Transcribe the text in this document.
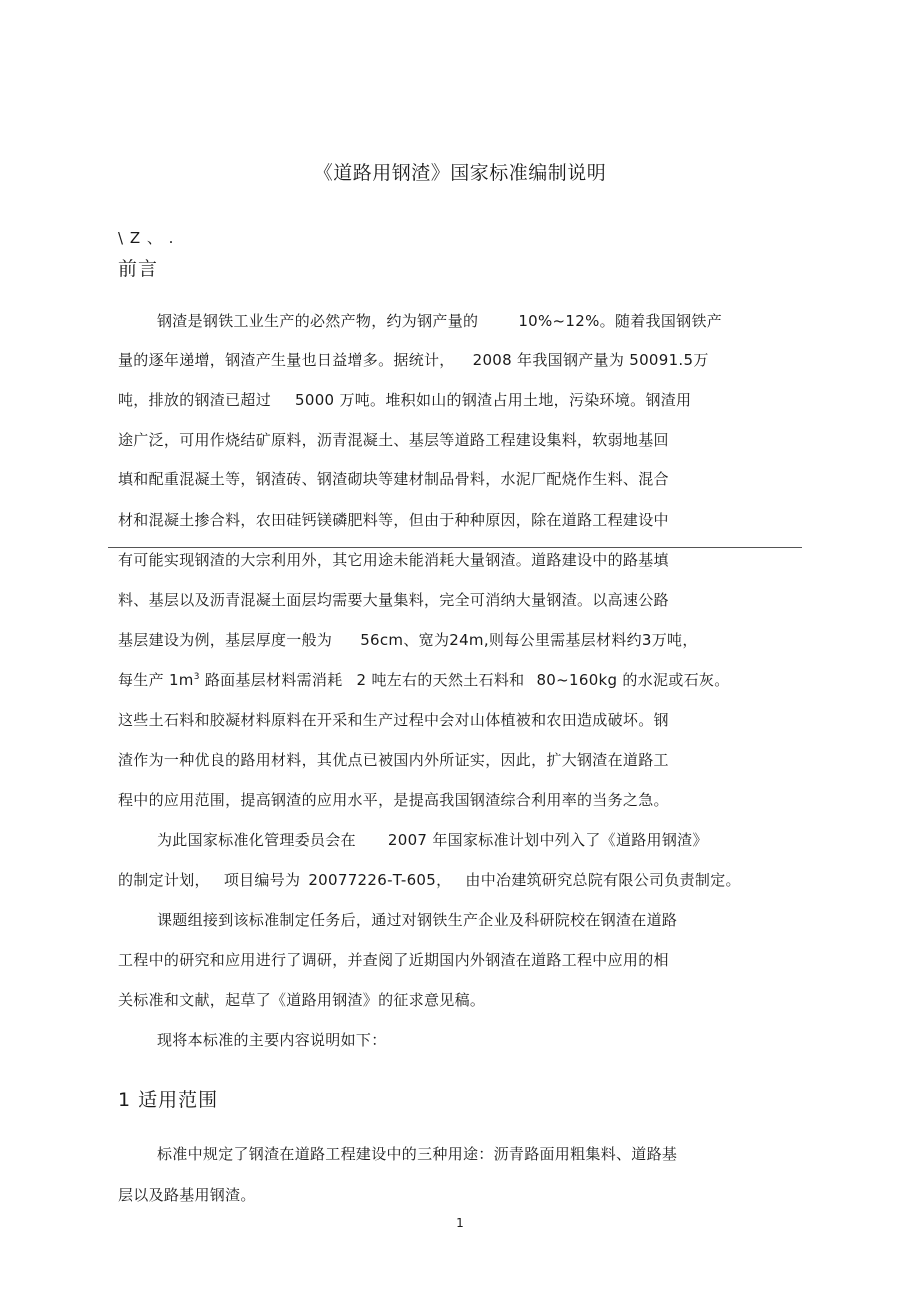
《道路用钢渣》国家标准编制说明
\ Z 、 .
前言
钢渣是钢铁工业生产的必然产物，约为钢产量的	10%~12%。随着我国钢铁产
量的逐年递增，钢渣产生量也日益增多。据统计， 2008 年我国钢产量为 50091.5万
吨，排放的钢渣已超过 5000 万吨。堆积如山的钢渣占用土地，污染环境。钢渣用
途广泛，可用作烧结矿原料，沥青混凝土、基层等道路工程建设集料，软弱地基回
填和配重混凝土等，钢渣砖、钢渣砌块等建材制品骨料，水泥厂配烧作生料、混合
材和混凝土掺合料，农田硅钙镁磷肥料等，但由于种种原因，除在道路工程建设中
有可能实现钢渣的大宗利用外，其它用途未能消耗大量钢渣。道路建设中的路基填
料、基层以及沥青混凝土面层均需要大量集料，完全可消纳大量钢渣。以高速公路
基层建设为例，基层厚度一般为 56cm、宽为24m,则每公里需基层材料约3万吨，
每生产 $1m^3$ 路面基层材料需消耗 2 吨左右的天然土石料和 80~160kg 的水泥或石灰。
这些土石料和胶凝材料原料在开采和生产过程中会对山体植被和农田造成破坏。钢
渣作为一种优良的路用材料，其优点已被国内外所证实，因此，扩大钢渣在道路工
程中的应用范围，提高钢渣的应用水平，是提高我国钢渣综合利用率的当务之急。
为此国家标准化管理委员会在 2007 年国家标准计划中列入了《道路用钢渣》
的制定计划， 项目编号为 20077226-T-605， 由中冶建筑研究总院有限公司负责制定。
课题组接到该标准制定任务后，通过对钢铁生产企业及科研院校在钢渣在道路
工程中的研究和应用进行了调研，并查阅了近期国内外钢渣在道路工程中应用的相
关标准和文献，起草了《道路用钢渣》的征求意见稿。
现将本标准的主要内容说明如下：
1 适用范围
标准中规定了钢渣在道路工程建设中的三种用途：沥青路面用粗集料、道路基
层以及路基用钢渣。
1
